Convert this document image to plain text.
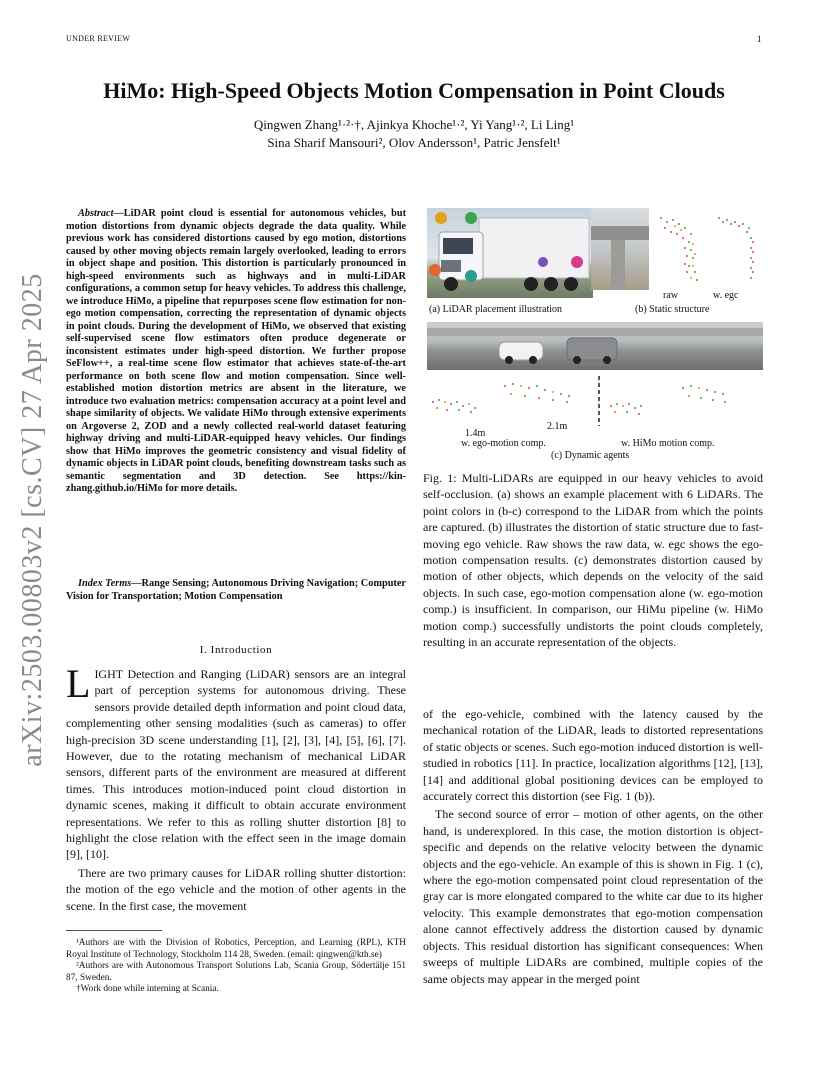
UNDER REVIEW	1
arXiv:2503.00803v2 [cs.CV] 27 Apr 2025
HiMo: High-Speed Objects Motion Compensation in Point Clouds
Qingwen Zhang¹·²·†, Ajinkya Khoche¹·², Yi Yang¹·², Li Ling¹
Sina Sharif Mansouri², Olov Andersson¹, Patric Jensfelt¹
Abstract—LiDAR point cloud is essential for autonomous vehicles, but motion distortions from dynamic objects degrade the data quality. While previous work has considered distortions caused by ego motion, distortions caused by other moving objects remain largely overlooked, leading to errors in object shape and position. This distortion is particularly pronounced in high-speed environments such as highways and in multi-LiDAR configurations, a common setup for heavy vehicles. To address this challenge, we introduce HiMo, a pipeline that repurposes scene flow estimation for non-ego motion compensation, correcting the representation of dynamic objects in point clouds. During the development of HiMo, we observed that existing self-supervised scene flow estimators often produce degenerate or inconsistent estimates under high-speed distortion. We further propose SeFlow++, a real-time scene flow estimator that achieves state-of-the-art performance on both scene flow and motion compensation. Since well-established motion distortion metrics are absent in the literature, we introduce two evaluation metrics: compensation accuracy at a point level and shape similarity of objects. We validate HiMo through extensive experiments on Argoverse 2, ZOD and a newly collected real-world dataset featuring highway driving and multi-LiDAR-equipped heavy vehicles. Our findings show that HiMo improves the geometric consistency and visual fidelity of dynamic objects in LiDAR point clouds, benefiting downstream tasks such as semantic segmentation and 3D detection. See https://kin-zhang.github.io/HiMo for more details.
Index Terms—Range Sensing; Autonomous Driving Navigation; Computer Vision for Transportation; Motion Compensation
I. Introduction
LIGHT Detection and Ranging (LiDAR) sensors are an integral part of perception systems for autonomous driving. These sensors provide detailed depth information and point cloud data, complementing other sensing modalities (such as cameras) to offer high-precision 3D scene understanding [1], [2], [3], [4], [5], [6], [7]. However, due to the rotating mechanism of mechanical LiDAR sensors, different parts of the environment are measured at different times. This introduces motion-induced point cloud distortion in dynamic scenes, making it difficult to obtain accurate environment representations. We refer to this as rolling shutter distortion [8] to highlight the close relation with the effect seen in the image domain [9], [10].
There are two primary causes for LiDAR rolling shutter distortion: the motion of the ego vehicle and the motion of other agents in the scene. In the first case, the movement
¹Authors are with the Division of Robotics, Perception, and Learning (RPL), KTH Royal Institute of Technology, Stockholm 114 28, Sweden. (email: qingwen@kth.se)
²Authors are with Autonomous Transport Solutions Lab, Scania Group, Södertälje 151 87, Sweden.
†Work done while interning at Scania.
(a) LiDAR placement illustration
raw	w. egc
(b) Static structure
1.4m
2.1m
w. ego-motion comp.	w. HiMo motion comp.
(c) Dynamic agents
Fig. 1: Multi-LiDARs are equipped in our heavy vehicles to avoid self-occlusion. (a) shows an example placement with 6 LiDARs. The point colors in (b-c) correspond to the LiDAR from which the points are captured. (b) illustrates the distortion of static structure due to fast-moving ego vehicle. Raw shows the raw data, w. egc shows the ego-motion compensation results. (c) demonstrates distortion caused by motion of other objects, which depends on the velocity of the said objects. In such case, ego-motion compensation alone (w. ego-motion comp.) is insufficient. In comparison, our HiMu pipeline (w. HiMo motion comp.) successfully undistorts the point clouds completely, resulting in an accurate representation of the objects.
of the ego-vehicle, combined with the latency caused by the mechanical rotation of the LiDAR, leads to distorted representations of static objects or scenes. Such ego-motion induced distortion is well-studied in robotics [11]. In practice, localization algorithms [12], [13], [14] and additional global positioning devices can be employed to accurately correct this distortion (see Fig. 1 (b)).
The second source of error – motion of other agents, on the other hand, is underexplored. In this case, the motion distortion is object-specific and depends on the relative velocity between the dynamic objects and the ego-vehicle. An example of this is shown in Fig. 1 (c), where the ego-motion compensated point cloud representation of the gray car is more elongated compared to the white car due to its higher velocity. This example demonstrates that ego-motion compensation alone cannot effectively address the distortion caused by dynamic objects. This residual distortion has significant consequences: When sweeps of multiple LiDARs are combined, multiple copies of the same objects may appear in the merged point
